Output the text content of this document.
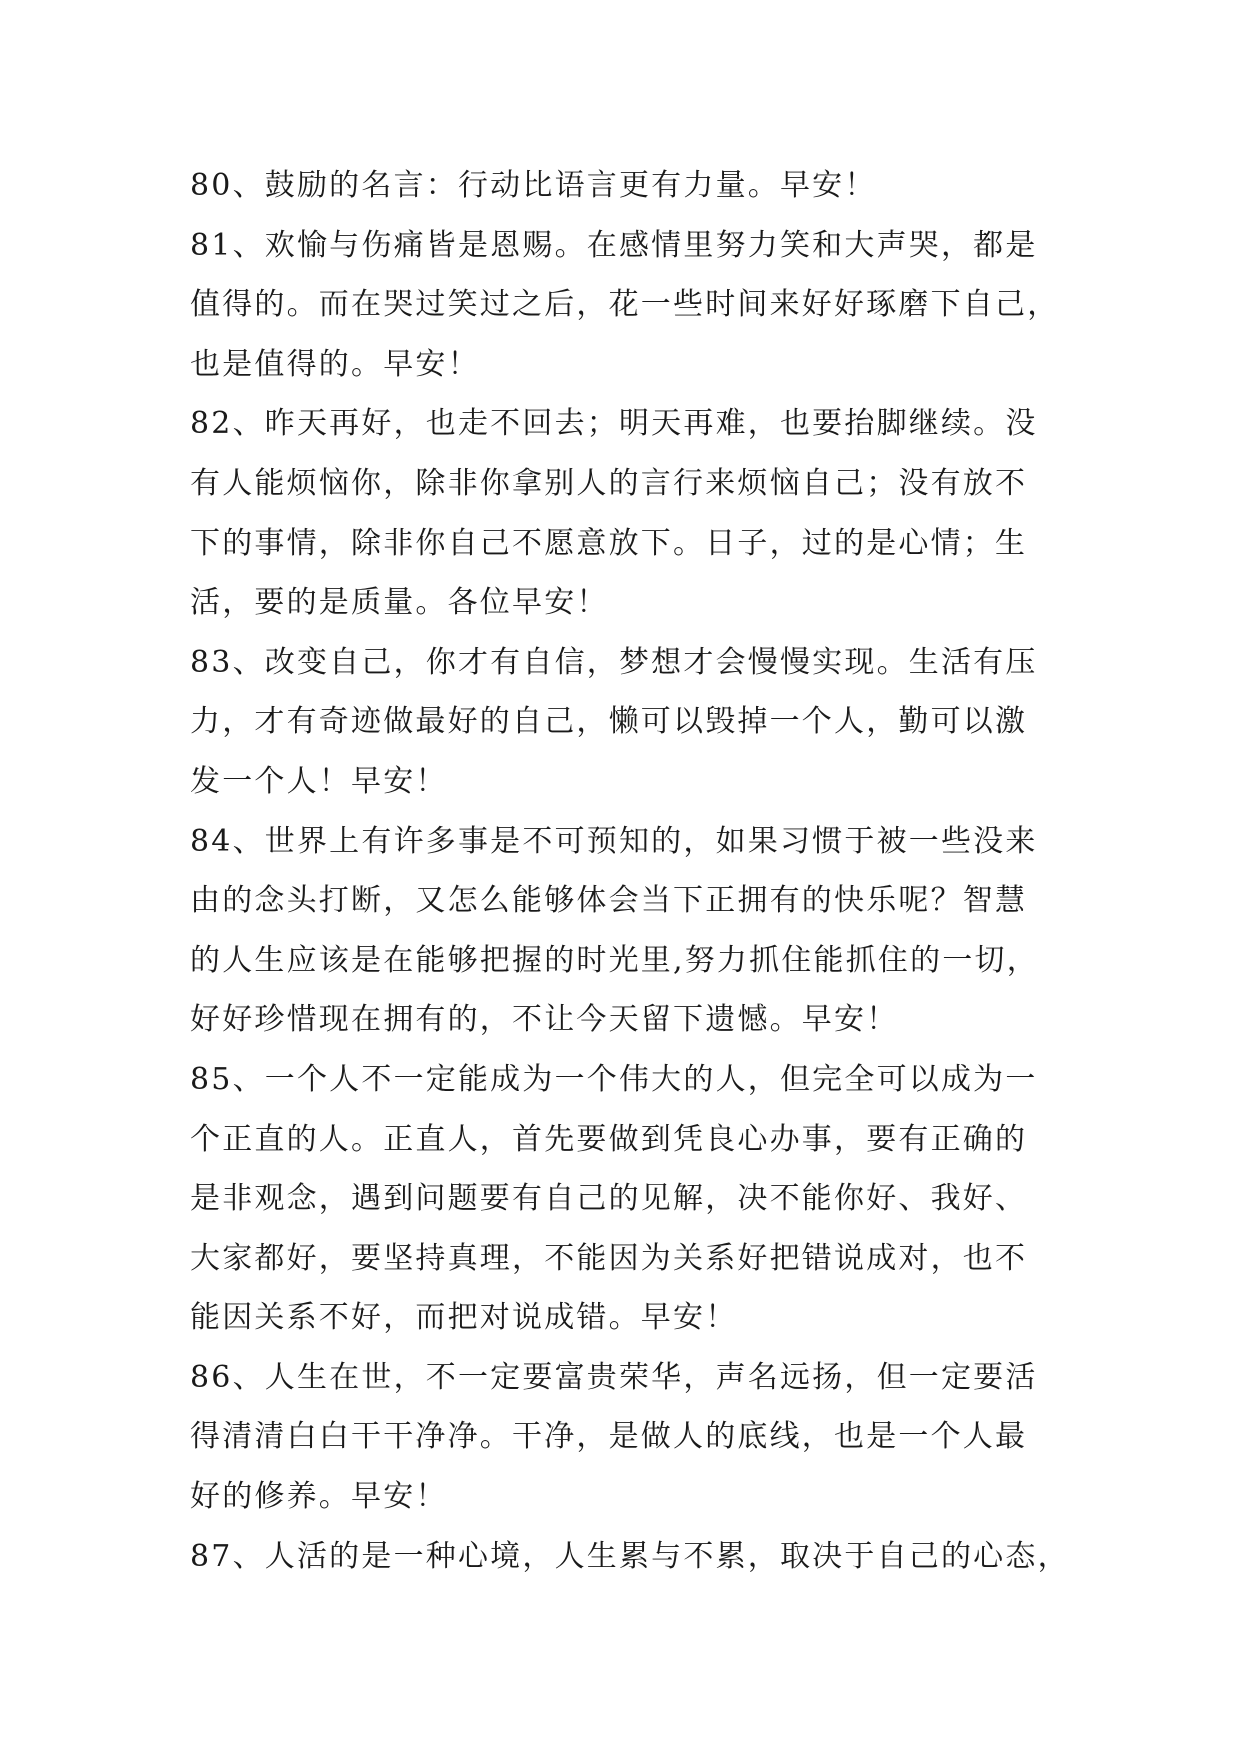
80、鼓励的名言：行动比语言更有力量。早安！
81、欢愉与伤痛皆是恩赐。在感情里努力笑和大声哭，都是
值得的。而在哭过笑过之后，花一些时间来好好琢磨下自己，
也是值得的。早安！
82、昨天再好，也走不回去；明天再难，也要抬脚继续。没
有人能烦恼你，除非你拿别人的言行来烦恼自己；没有放不
下的事情，除非你自己不愿意放下。日子，过的是心情；生
活，要的是质量。各位早安！
83、改变自己，你才有自信，梦想才会慢慢实现。生活有压
力，才有奇迹做最好的自己，懒可以毁掉一个人，勤可以激
发一个人！早安！
84、世界上有许多事是不可预知的，如果习惯于被一些没来
由的念头打断，又怎么能够体会当下正拥有的快乐呢？智慧
的人生应该是在能够把握的时光里,努力抓住能抓住的一切，
好好珍惜现在拥有的，不让今天留下遗憾。早安！
85、一个人不一定能成为一个伟大的人，但完全可以成为一
个正直的人。正直人，首先要做到凭良心办事，要有正确的
是非观念，遇到问题要有自己的见解，决不能你好、我好、
大家都好，要坚持真理，不能因为关系好把错说成对，也不
能因关系不好，而把对说成错。早安！
86、人生在世，不一定要富贵荣华，声名远扬，但一定要活
得清清白白干干净净。干净，是做人的底线，也是一个人最
好的修养。早安！
87、人活的是一种心境，人生累与不累，取决于自己的心态，
